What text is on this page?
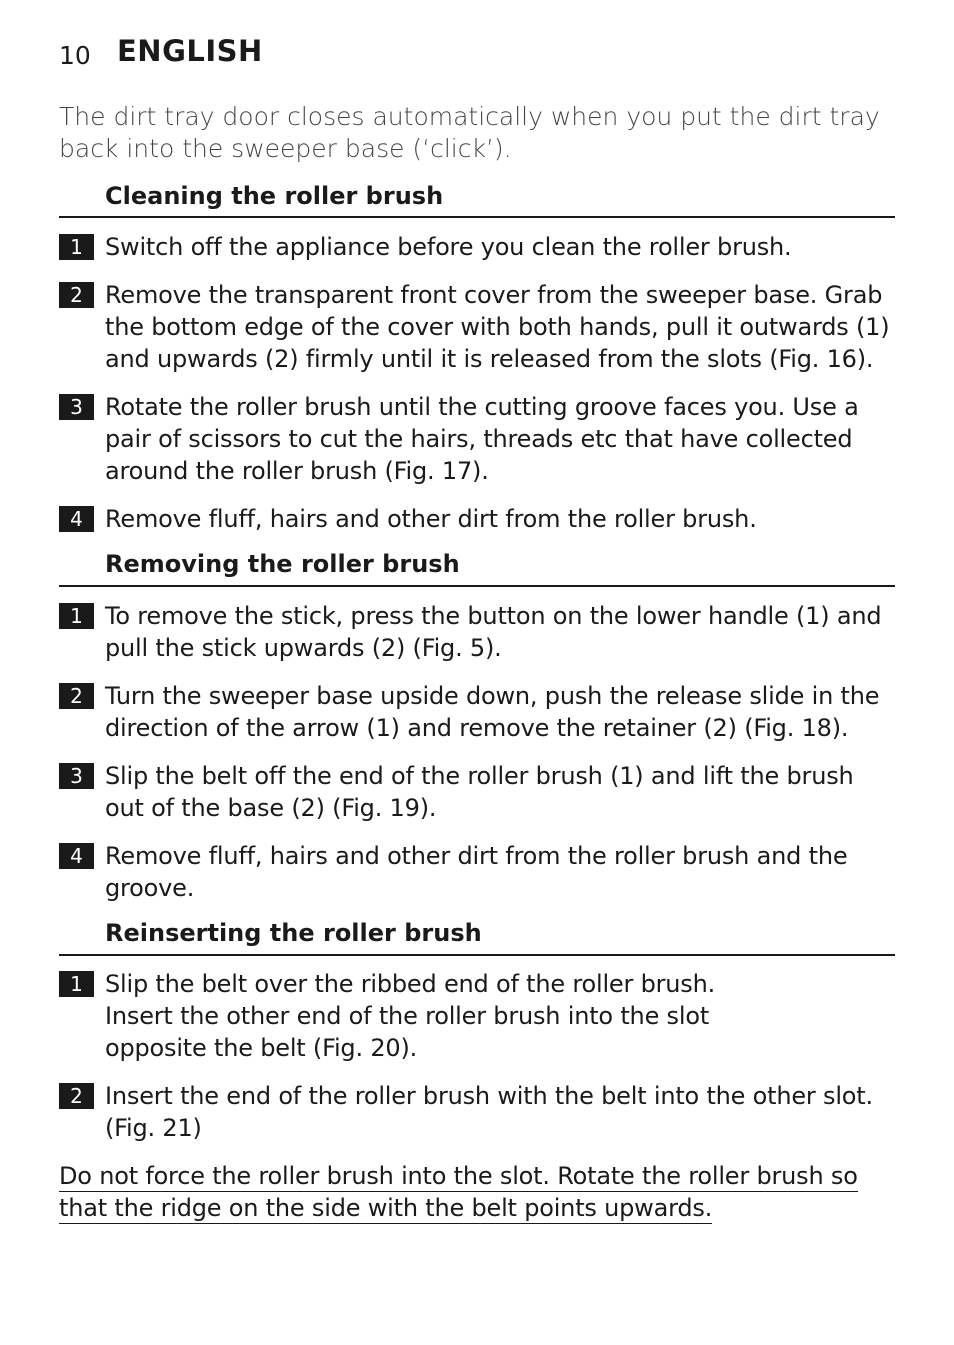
10 ENGLISH
The dirt tray door closes automatically when you put the dirt tray back into the sweeper base (‘click’).
Cleaning the roller brush
1 Switch off the appliance before you clean the roller brush.
2 Remove the transparent front cover from the sweeper base. Grab the bottom edge of the cover with both hands, pull it outwards (1) and upwards (2) firmly until it is released from the slots (Fig. 16).
3 Rotate the roller brush until the cutting groove faces you. Use a pair of scissors to cut the hairs, threads etc that have collected around the roller brush (Fig. 17).
4 Remove fluff, hairs and other dirt from the roller brush.
Removing the roller brush
1 To remove the stick, press the button on the lower handle (1) and pull the stick upwards (2) (Fig. 5).
2 Turn the sweeper base upside down, push the release slide in the direction of the arrow (1) and remove the retainer (2) (Fig. 18).
3 Slip the belt off the end of the roller brush (1) and lift the brush out of the base (2) (Fig. 19).
4 Remove fluff, hairs and other dirt from the roller brush and the groove.
Reinserting the roller brush
1 Slip the belt over the ribbed end of the roller brush. Insert the other end of the roller brush into the slot opposite the belt (Fig. 20).
2 Insert the end of the roller brush with the belt into the other slot. (Fig. 21)
Do not force the roller brush into the slot. Rotate the roller brush so
that the ridge on the side with the belt points upwards.
